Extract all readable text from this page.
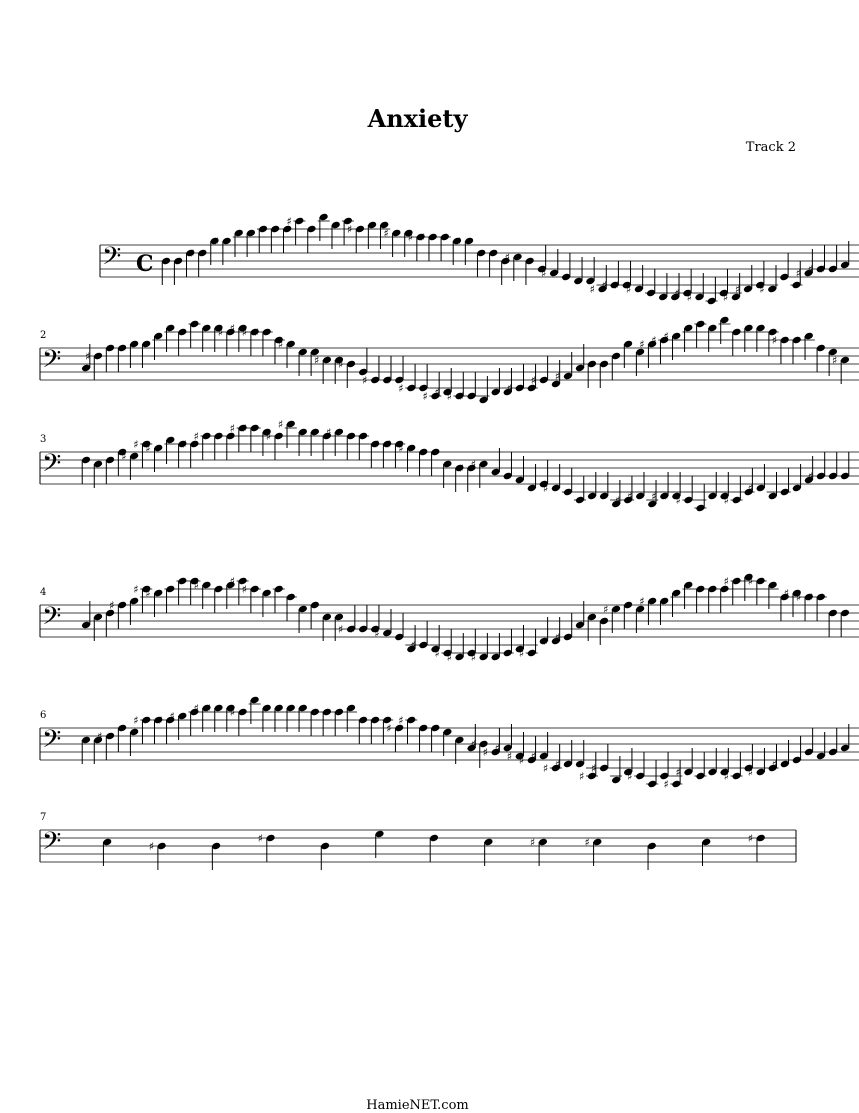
Anxiety
Track 2
𝄢 C	♯
♯
♯
♯	♯ ♯ ♯	♯
♯
♯
♯ ♯ ♯ ♯	♯ ♯	♯
♯ ♯
♯ ♯ ♯
𝄢
2
♯
♯ ♯ ♯ ♯
♯
♯ ♯
♯ ♯
♯
♯ ♯ ♯ ♯
♯
♯ ♯
♯ ♯ ♯	♯
♯
𝄢
3
♯
♯ ♯	♯
♯
♯ ♯
♯
♯
♯
♯ ♯ ♯
♯ ♯
♯
♯ ♯ ♯ ♯ ♯	♯
♯
♯
𝄢
4
♯
♯ ♯
♯	♯
♯
♯ ♯ ♯
♯
♯ ♯ ♯	♯
♯ ♯
♯
♯
♯ ♯
♯ ♯ ♯
𝄢
6
♯
♯ ♯ ♯
♯ ♯ ♯
♯
♯
♯
♯ ♯
♯ ♯ ♯
♯ ♯
♯
♯
♯
♯
♯	♯ ♯
♯
𝄢
7
♯
♯	♯	♯	♯
HamieNET.com
